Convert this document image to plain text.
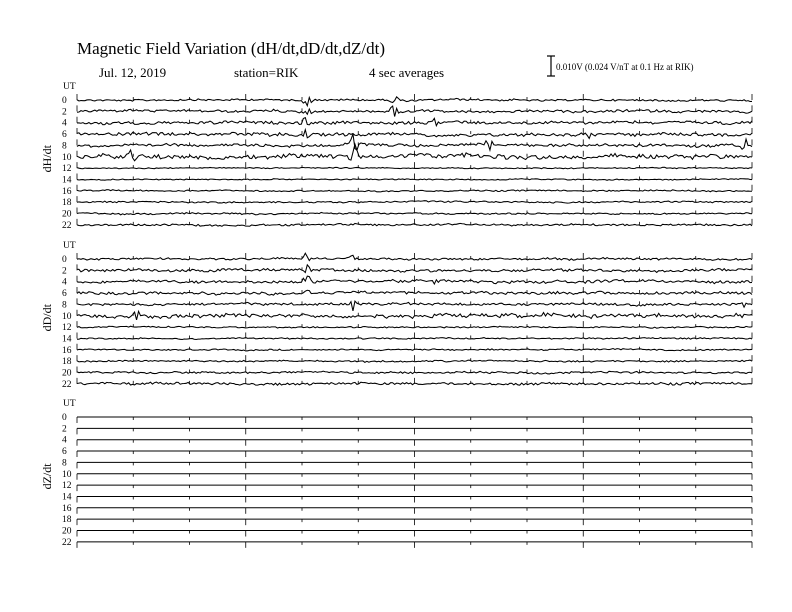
Magnetic Field Variation (dH/dt,dD/dt,dZ/dt)
Jul. 12, 2019	station=RIK	4 sec averages	0.010V (0.024 V/nT at 0.1 Hz at RIK)
UT
dH/dt
0
2
4
6
8
10
12
14
16
18
20
22
UT
dD/dt
0
2
4
6
8
10
12
14
16
18
20
22
UT
dZ/dt
0
2
4
6
8
10
12
14
16
18
20
22
